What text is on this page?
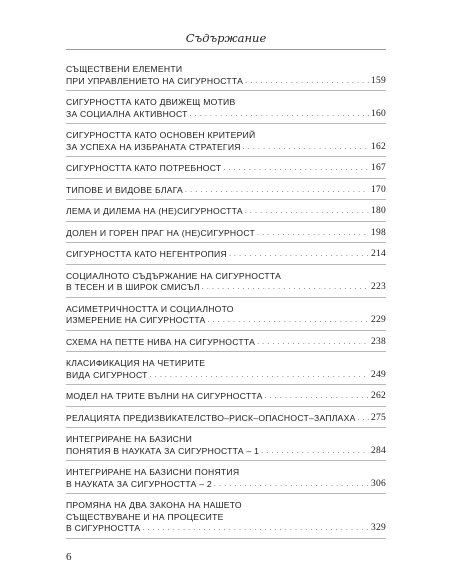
Съдържание
СЪЩЕСТВЕНИ ЕЛЕМЕНТИ
ПРИ УПРАВЛЕНИЕТО НА СИГУРНОСТТА . . .	159
СИГУРНОСТТА КАТО ДВИЖЕЩ МОТИВ
ЗА СОЦИАЛНА АКТИВНОСТ . . .	160
СИГУРНОСТТА КАТО ОСНОВЕН КРИТЕРИЙ
ЗА УСПЕХА НА ИЗБРАНАТА СТРАТЕГИЯ . . .	162
СИГУРНОСТТА КАТО ПОТРЕБНОСТ . . .	167
ТИПОВЕ И ВИДОВЕ БЛАГА . . .	170
ЛЕМА И ДИЛЕМА НА (НЕ)СИГУРНОСТТА . . .	180
ДОЛЕН И ГОРЕН ПРАГ НА (НЕ)СИГУРНОСТ . . .	198
СИГУРНОСТТА КАТО НЕГЕНТРОПИЯ . . .	214
СОЦИАЛНОТО СЪДЪРЖАНИЕ НА СИГУРНОСТТА
В ТЕСЕН И В ШИРОК СМИСЪЛ . . .	223
АСИМЕТРИЧНОСТТА И СОЦИАЛНОТО
ИЗМЕРЕНИЕ НА СИГУРНОСТТА . . .	229
СХЕМА НА ПЕТТЕ НИВА НА СИГУРНОСТТА . . .	238
КЛАСИФИКАЦИЯ НА ЧЕТИРИТЕ
ВИДА СИГУРНОСТ . . .	249
МОДЕЛ НА ТРИТЕ ВЪЛНИ НА СИГУРНОСТТА . . .	262
РЕЛАЦИЯТА ПРЕДИЗВИКАТЕЛСТВО–РИСК–ОПАСНОСТ–ЗАПЛАХА . . . 275
ИНТЕГРИРАНЕ НА БАЗИСНИ
ПОНЯТИЯ В НАУКАТА ЗА СИГУРНОСТТА – 1 . . .	284
ИНТЕГРИРАНЕ НА БАЗИСНИ ПОНЯТИЯ
В НАУКАТА ЗА СИГУРНОСТТА – 2 . . .	306
ПРОМЯНА НА ДВА ЗАКОНА НА НАШЕТО
СЪЩЕСТВУВАНЕ И НА ПРОЦЕСИТЕ
В СИГУРНОСТТА . . .	329
6
